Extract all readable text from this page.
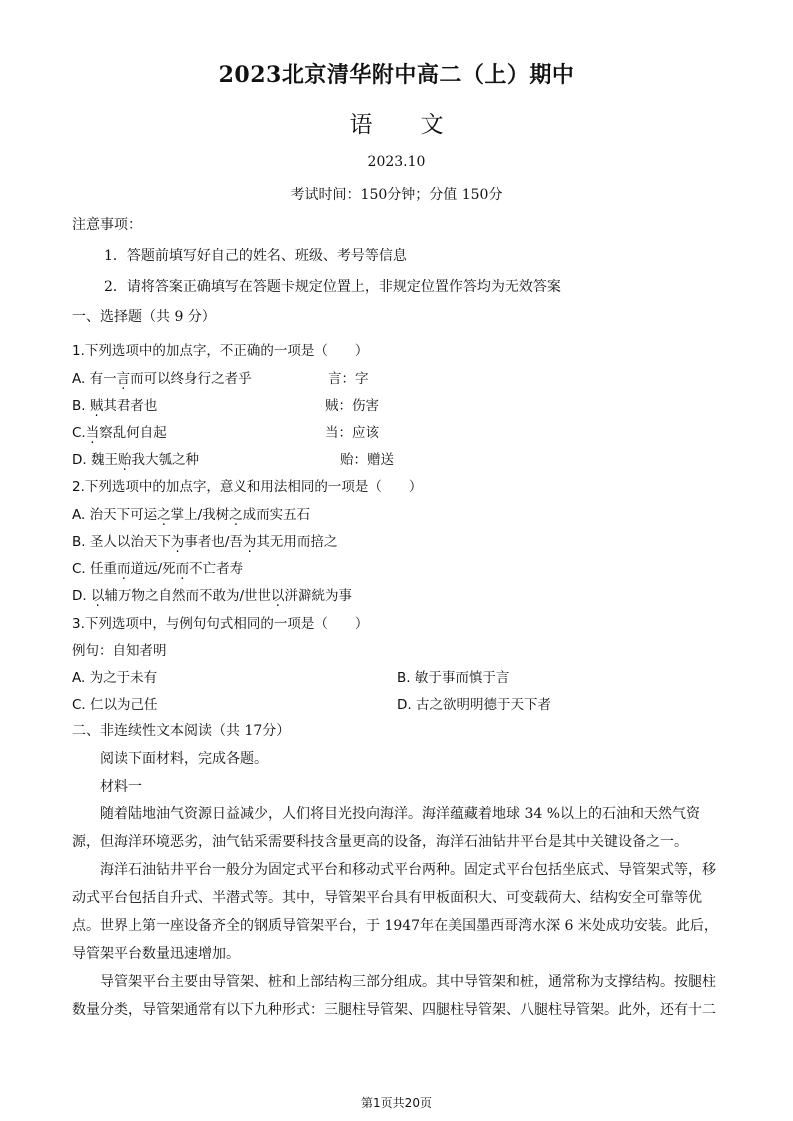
2023北京清华附中高二（上）期中
语 文
2023.10
考试时间：150分钟；分值 150分
注意事项：
1．答题前填写好自己的姓名、班级、考号等信息
2．请将答案正确填写在答题卡规定位置上，非规定位置作答均为无效答案
一、选择题（共 9 分）
1.下列选项中的加点字，不正确的一项是（　　）
A. 有一言而可以终身行之者乎	言：字
B. 贼其君者也	贼：伤害
C.当察乱何自起	当：应该
D. 魏王贻我大瓠之种	贻：赠送
2.下列选项中的加点字，意义和用法相同的一项是（　　）
A. 治天下可运之掌上/我树之成而实五石
B. 圣人以治天下为事者也/吾为其无用而掊之
C. 任重而道远/死而不亡者寿
D. 以辅万物之自然而不敢为/世世以洴澼絖为事
3.下列选项中，与例句句式相同的一项是（　　）
例句：自知者明
A. 为之于未有	B. 敏于事而慎于言
C. 仁以为己任	D. 古之欲明明德于天下者
二、非连续性文本阅读（共 17分）
阅读下面材料，完成各题。
材料一
随着陆地油气资源日益减少，人们将目光投向海洋。海洋蕴藏着地球 34 %以上的石油和天然气资源，但海洋环境恶劣，油气钻采需要科技含量更高的设备，海洋石油钻井平台是其中关键设备之一。
海洋石油钻井平台一般分为固定式平台和移动式平台两种。固定式平台包括坐底式、导管架式等，移动式平台包括自升式、半潜式等。其中，导管架平台具有甲板面积大、可变载荷大、结构安全可靠等优点。世界上第一座设备齐全的钢质导管架平台，于 1947年在美国墨西哥湾水深 6 米处成功安装。此后，导管架平台数量迅速增加。
导管架平台主要由导管架、桩和上部结构三部分组成。其中导管架和桩，通常称为支撑结构。按腿柱数量分类，导管架通常有以下九种形式：三腿柱导管架、四腿柱导管架、八腿柱导管架。此外，还有十二
第1页共20页
